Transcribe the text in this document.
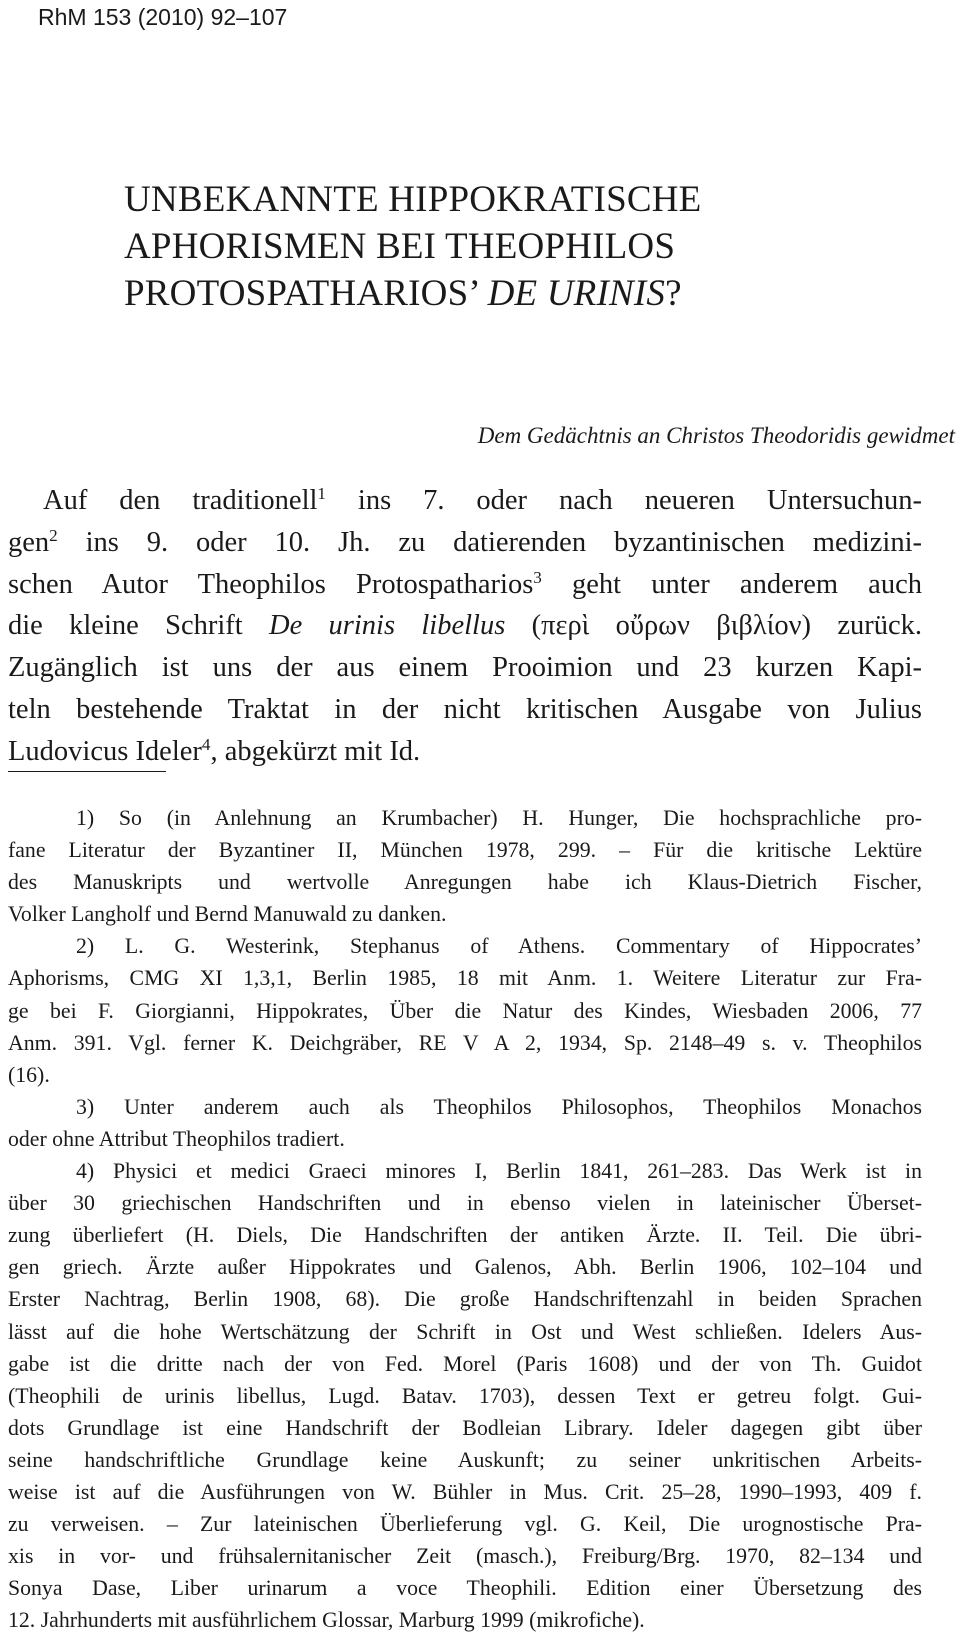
RhM 153 (2010) 92–107
UNBEKANNTE HIPPOKRATISCHE
APHORISMEN BEI THEOPHILOS
PROTOSPATHARIOS’ DE URINIS?
Dem Gedächtnis an Christos Theodoridis gewidmet
Auf den traditionell$^1$ ins 7. oder nach neueren Untersuchun-
gen$^2$ ins 9. oder 10. Jh. zu datierenden byzantinischen medizini-
schen Autor Theophilos Protospatharios$^3$ geht unter anderem auch
die kleine Schrift De urinis libellus (περὶ οὔρων βιβλίον) zurück.
Zugänglich ist uns der aus einem Prooimion und 23 kurzen Kapi-
teln bestehende Traktat in der nicht kritischen Ausgabe von Julius
Ludovicus Ideler$^4$, abgekürzt mit Id.
1) So (in Anlehnung an Krumbacher) H. Hunger, Die hochsprachliche pro-
fane Literatur der Byzantiner II, München 1978, 299. – Für die kritische Lektüre
des Manuskripts und wertvolle Anregungen habe ich Klaus-Dietrich Fischer,
Volker Langholf und Bernd Manuwald zu danken.
2) L. G. Westerink, Stephanus of Athens. Commentary of Hippocrates’
Aphorisms, CMG XI 1,3,1, Berlin 1985, 18 mit Anm. 1. Weitere Literatur zur Fra-
ge bei F. Giorgianni, Hippokrates, Über die Natur des Kindes, Wiesbaden 2006, 77
Anm. 391. Vgl. ferner K. Deichgräber, RE V A 2, 1934, Sp. 2148–49 s. v. Theophilos
(16).
3) Unter anderem auch als Theophilos Philosophos, Theophilos Monachos
oder ohne Attribut Theophilos tradiert.
4) Physici et medici Graeci minores I, Berlin 1841, 261–283. Das Werk ist in
über 30 griechischen Handschriften und in ebenso vielen in lateinischer Überset-
zung überliefert (H. Diels, Die Handschriften der antiken Ärzte. II. Teil. Die übri-
gen griech. Ärzte außer Hippokrates und Galenos, Abh. Berlin 1906, 102–104 und
Erster Nachtrag, Berlin 1908, 68). Die große Handschriftenzahl in beiden Sprachen
lässt auf die hohe Wertschätzung der Schrift in Ost und West schließen. Idelers Aus-
gabe ist die dritte nach der von Fed. Morel (Paris 1608) und der von Th. Guidot
(Theophili de urinis libellus, Lugd. Batav. 1703), dessen Text er getreu folgt. Gui-
dots Grundlage ist eine Handschrift der Bodleian Library. Ideler dagegen gibt über
seine handschriftliche Grundlage keine Auskunft; zu seiner unkritischen Arbeits-
weise ist auf die Ausführungen von W. Bühler in Mus. Crit. 25–28, 1990–1993, 409 f.
zu verweisen. – Zur lateinischen Überlieferung vgl. G. Keil, Die urognostische Pra-
xis in vor- und frühsalernitanischer Zeit (masch.), Freiburg/Brg. 1970, 82–134 und
Sonya Dase, Liber urinarum a voce Theophili. Edition einer Übersetzung des
12. Jahrhunderts mit ausführlichem Glossar, Marburg 1999 (mikrofiche).
